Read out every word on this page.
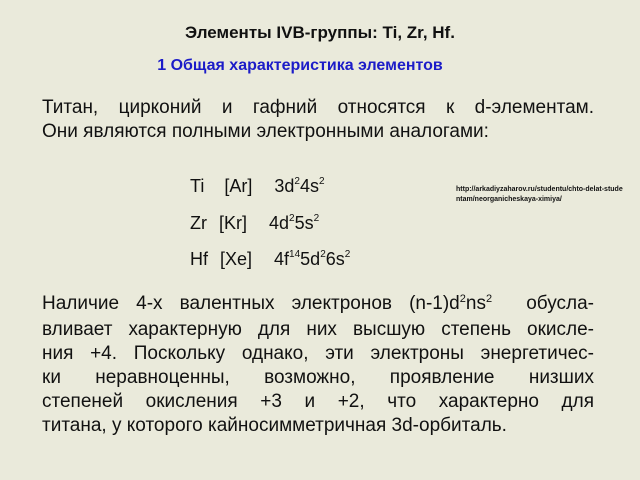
Элементы IVB-группы: Ti, Zr, Hf.
1 Общая характеристика элементов
Титан, цирконий и гафний относятся к d-элементам.
Они являются полными электронными аналогами:
Ti [Ar] $3d^24s^2$
Zr [Kr] $4d^25s^2$
Hf [Xe] $4f^{14}5d^26s^2$
http://arkadiyzaharov.ru/studentu/chto-delat-studentam/neorganicheskaya-ximiya/
Наличие 4-х валентных электронов $(n-1)d^2ns^2$  обусла-
вливает характерную для них высшую степень окисле-
ния +4. Поскольку однако, эти электроны энергетичес-
ки неравноценны, возможно, проявление низших
степеней окисления +3 и +2, что характерно для
титана, у которого кайносимметричная 3d-орбиталь.
